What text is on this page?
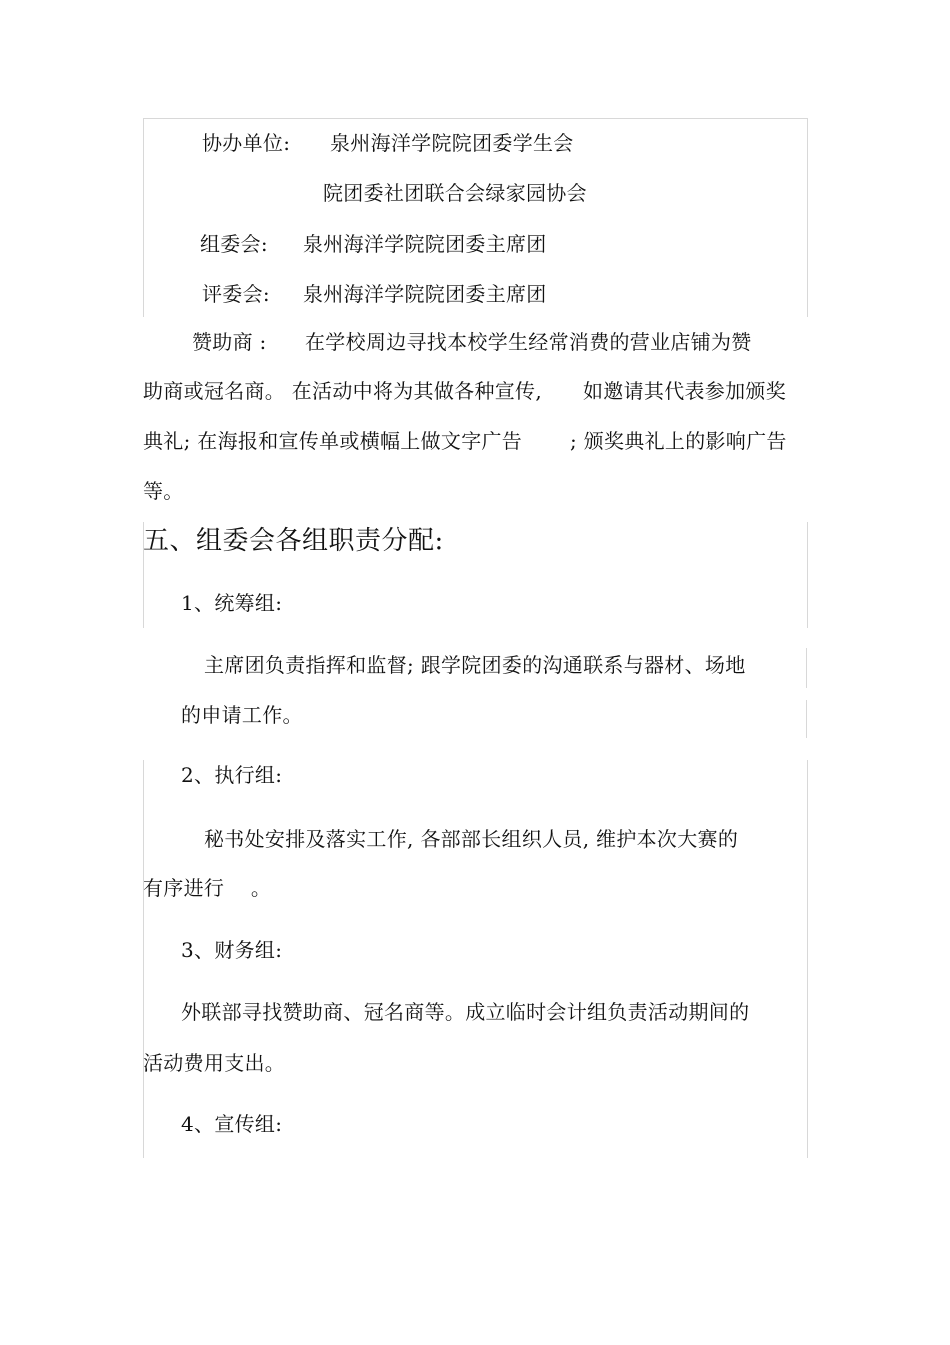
协办单位: 泉州海洋学院院团委学生会
院团委社团联合会绿家园协会
组委会: 泉州海洋学院院团委主席团
评委会: 泉州海洋学院院团委主席团
赞助商 : 在学校周边寻找本校学生经常消费的营业店铺为赞
助商或冠名商。 在活动中将为其做各种宣传, 如邀请其代表参加颁奖
典礼; 在海报和宣传单或横幅上做文字广告 ; 颁奖典礼上的影响广告
等。
五、组委会各组职责分配:
1、统筹组:
主席团负责指挥和监督; 跟学院团委的沟通联系与器材、场地
的申请工作。
2、执行组:
秘书处安排及落实工作, 各部部长组织人员, 维护本次大赛的
有序进行    。
3、财务组:
外联部寻找赞助商、冠名商等。成立临时会计组负责活动期间的
活动费用支出。
4、宣传组:
